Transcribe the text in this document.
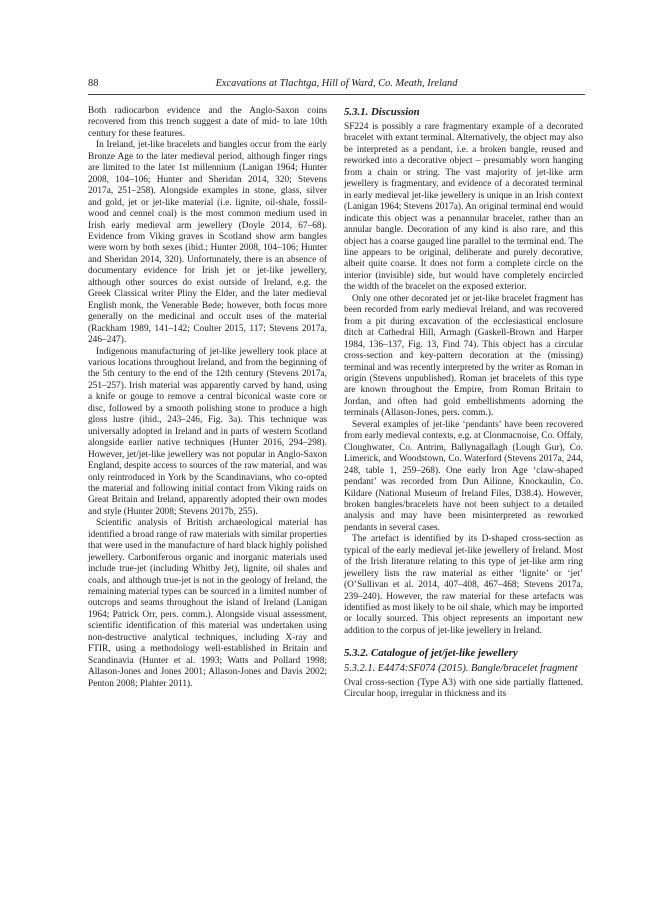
88	Excavations at Tlachtga, Hill of Ward, Co. Meath, Ireland

Both radiocarbon evidence and the Anglo-Saxon coins recovered from this trench suggest a date of mid- to late 10th century for these features.

In Ireland, jet-like bracelets and bangles occur from the early Bronze Age to the later medieval period, although finger rings are limited to the later 1st millennium (Lanigan 1964; Hunter 2008, 104–106; Hunter and Sheridan 2014, 320; Stevens 2017a, 251–258). Alongside examples in stone, glass, silver and gold, jet or jet-like material (i.e. lignite, oil-shale, fossil-wood and cennel coal) is the most common medium used in Irish early medieval arm jewellery (Doyle 2014, 67–68). Evidence from Viking graves in Scotland show arm bangles were worn by both sexes (ibid.; Hunter 2008, 104–106; Hunter and Sheridan 2014, 320). Unfortunately, there is an absence of documentary evidence for Irish jet or jet-like jewellery, although other sources do exist outside of Ireland, e.g. the Greek Classical writer Pliny the Elder, and the later medieval English monk, the Venerable Bede; however, both focus more generally on the medicinal and occult uses of the material (Rackham 1989, 141–142; Coulter 2015, 117; Stevens 2017a, 246–247).

Indigenous manufacturing of jet-like jewellery took place at various locations throughout Ireland, and from the beginning of the 5th century to the end of the 12th century (Stevens 2017a, 251–257). Irish material was apparently carved by hand, using a knife or gouge to remove a central biconical waste core or disc, followed by a smooth polishing stone to produce a high gloss lustre (ibid., 243–246, Fig. 3a). This technique was universally adopted in Ireland and in parts of western Scotland alongside earlier native techniques (Hunter 2016, 294–298). However, jet/jet-like jewellery was not popular in Anglo-Saxon England, despite access to sources of the raw material, and was only reintroduced in York by the Scandinavians, who co-opted the material and following initial contact from Viking raids on Great Britain and Ireland, apparently adopted their own modes and style (Hunter 2008; Stevens 2017b, 255).

Scientific analysis of British archaeological material has identified a broad range of raw materials with similar properties that were used in the manufacture of hard black highly polished jewellery. Carboniferous organic and inorganic materials used include true-jet (including Whitby Jet), lignite, oil shales and coals, and although true-jet is not in the geology of Ireland, the remaining material types can be sourced in a limited number of outcrops and seams throughout the island of Ireland (Lanigan 1964; Patrick Orr, pers. comm.). Alongside visual assessment, scientific identification of this material was undertaken using non-destructive analytical techniques, including X-ray and FTIR, using a methodology well-established in Britain and Scandinavia (Hunter et al. 1993; Watts and Pollard 1998; Allason-Jones and Jones 2001; Allason-Jones and Davis 2002; Penton 2008; Plahter 2011).

5.3.1. Discussion

SF224 is possibly a rare fragmentary example of a decorated bracelet with extant terminal. Alternatively, the object may also be interpreted as a pendant, i.e. a broken bangle, reused and reworked into a decorative object – presumably worn hanging from a chain or string. The vast majority of jet-like arm jewellery is fragmentary, and evidence of a decorated terminal in early medieval jet-like jewellery is unique in an Irish context (Lanigan 1964; Stevens 2017a). An original terminal end would indicate this object was a penannular bracelet, rather than an annular bangle. Decoration of any kind is also rare, and this object has a coarse gauged line parallel to the terminal end. The line appears to be original, deliberate and purely decorative, albeit quite coarse. It does not form a complete circle on the interior (invisible) side, but would have completely encircled the width of the bracelet on the exposed exterior.

Only one other decorated jet or jet-like bracelet fragment has been recorded from early medieval Ireland, and was recovered from a pit during excavation of the ecclesiastical enclosure ditch at Cathedral Hill, Armagh (Gaskell-Brown and Harper 1984, 136–137, Fig. 13, Find 74). This object has a circular cross-section and key-pattern decoration at the (missing) terminal and was recently interpreted by the writer as Roman in origin (Stevens unpublished). Roman jet bracelets of this type are known throughout the Empire, from Roman Britain to Jordan, and often had gold embellishments adorning the terminals (Allason-Jones, pers. comm.).

Several examples of jet-like ‘pendants’ have been recovered from early medieval contexts, e.g. at Clonmacnoise, Co. Offaly, Cloughwater, Co. Antrim, Ballynagallagh (Lough Gur), Co. Limerick, and Woodstown, Co. Waterford (Stevens 2017a, 244, 248, table 1, 259–268). One early Iron Age ‘claw-shaped pendant’ was recorded from Dun Ailinne, Knockaulin, Co. Kildare (National Museum of Ireland Files, D38.4). However, broken bangles/bracelets have not been subject to a detailed analysis and may have been misinterpreted as reworked pendants in several cases.

The artefact is identified by its D-shaped cross-section as typical of the early medieval jet-like jewellery of Ireland. Most of the Irish literature relating to this type of jet-like arm ring jewellery lists the raw material as either ‘lignite’ or ‘jet’ (O’Sullivan et al. 2014, 407–408, 467–468; Stevens 2017a, 239–240). However, the raw material for these artefacts was identified as most likely to be oil shale, which may be imported or locally sourced. This object represents an important new addition to the corpus of jet-like jewellery in Ireland.

5.3.2. Catalogue of jet/jet-like jewellery
5.3.2.1. E4474:SF074 (2015). Bangle/bracelet fragment

Oval cross-section (Type A3) with one side partially flattened. Circular hoop, irregular in thickness and its
